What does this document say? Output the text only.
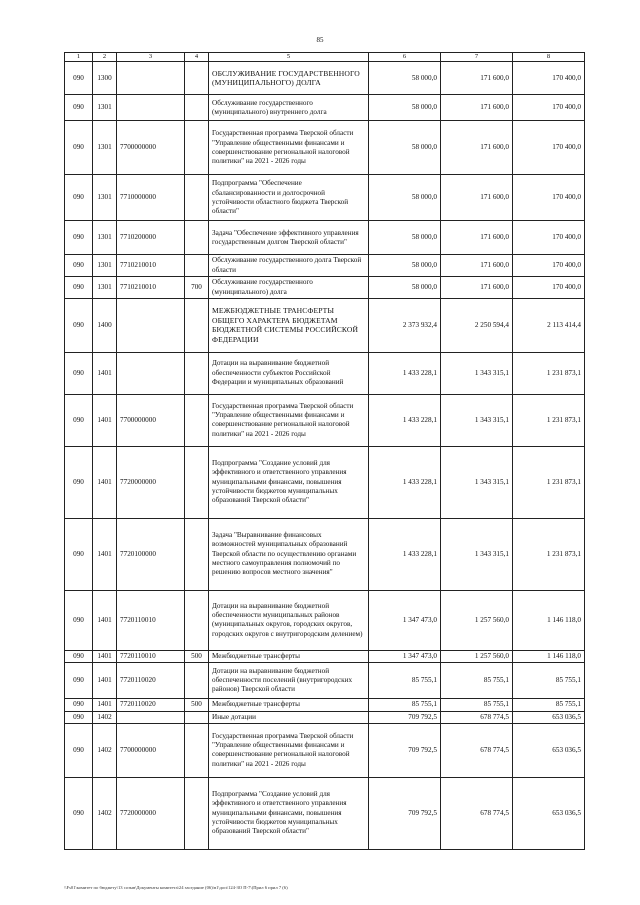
85
1	2	3	4	5	6	7	8
090	1300			ОБСЛУЖИВАНИЕ ГОСУДАРСТВЕННОГО (МУНИЦИПАЛЬНОГО) ДОЛГА	58 000,0	171 600,0	170 400,0
090	1301			Обслуживание государственного (муниципального) внутреннего долга	58 000,0	171 600,0	170 400,0
090	1301	7700000000		Государственная программа Тверской области "Управление общественными финансами и совершенствование региональной налоговой политики" на 2021 - 2026 годы	58 000,0	171 600,0	170 400,0
090	1301	7710000000		Подпрограмма "Обеспечение сбалансированности и долгосрочной устойчивости областного бюджета Тверской области"	58 000,0	171 600,0	170 400,0
090	1301	7710200000		Задача "Обеспечение эффективного управления государственным долгом Тверской области"	58 000,0	171 600,0	170 400,0
090	1301	7710210010		Обслуживание государственного долга Тверской области	58 000,0	171 600,0	170 400,0
090	1301	7710210010	700	Обслуживание государственного (муниципального) долга	58 000,0	171 600,0	170 400,0
090	1400			МЕЖБЮДЖЕТНЫЕ ТРАНСФЕРТЫ ОБЩЕГО ХАРАКТЕРА БЮДЖЕТАМ БЮДЖЕТНОЙ СИСТЕМЫ РОССИЙСКОЙ ФЕДЕРАЦИИ	2 373 932,4	2 250 594,4	2 113 414,4
090	1401			Дотации на выравнивание бюджетной обеспеченности субъектов Российской Федерации и муниципальных образований	1 433 228,1	1 343 315,1	1 231 873,1
090	1401	7700000000		Государственная программа Тверской области "Управление общественными финансами и совершенствование региональной налоговой политики" на 2021 - 2026 годы	1 433 228,1	1 343 315,1	1 231 873,1
090	1401	7720000000		Подпрограмма "Создание условий для эффективного и ответственного управления муниципальными финансами, повышения устойчивости бюджетов муниципальных образований Тверской области"	1 433 228,1	1 343 315,1	1 231 873,1
090	1401	7720100000		Задача "Выравнивание финансовых возможностей муниципальных образований Тверской области по осуществлению органами местного самоуправления полномочий по решению вопросов местного значения"	1 433 228,1	1 343 315,1	1 231 873,1
090	1401	7720110010		Дотации на выравнивание бюджетной обеспеченности муниципальных районов (муниципальных округов, городских округов, городских округов с внутригородским делением)	1 347 473,0	1 257 560,0	1 146 118,0
090	1401	7720110010	500	Межбюджетные трансферты	1 347 473,0	1 257 560,0	1 146 118,0
090	1401	7720110020		Дотации на выравнивание бюджетной обеспеченности поселений (внутригородских районов) Тверской области	85 755,1	85 755,1	85 755,1
090	1401	7720110020	500	Межбюджетные трансферты	85 755,1	85 755,1	85 755,1
090	1402			Иные дотации	709 792,5	678 774,5	653 036,5
090	1402	7700000000		Государственная программа Тверской области "Управление общественными финансами и совершенствование региональной налоговой политики" на 2021 - 2026 годы	709 792,5	678 774,5	653 036,5
090	1402	7720000000		Подпрограмма "Создание условий для эффективного и ответственного управления муниципальными финансами, повышения устойчивости бюджетов муниципальных образований Тверской области"	709 792,5	678 774,5	653 036,5
\\Fs01\комитет по бюджету\13 созыв\Документы комитета\24 заседание (06)\в1\доп\124-ЗО П-7\(Прил 6 прил 7 (6)
